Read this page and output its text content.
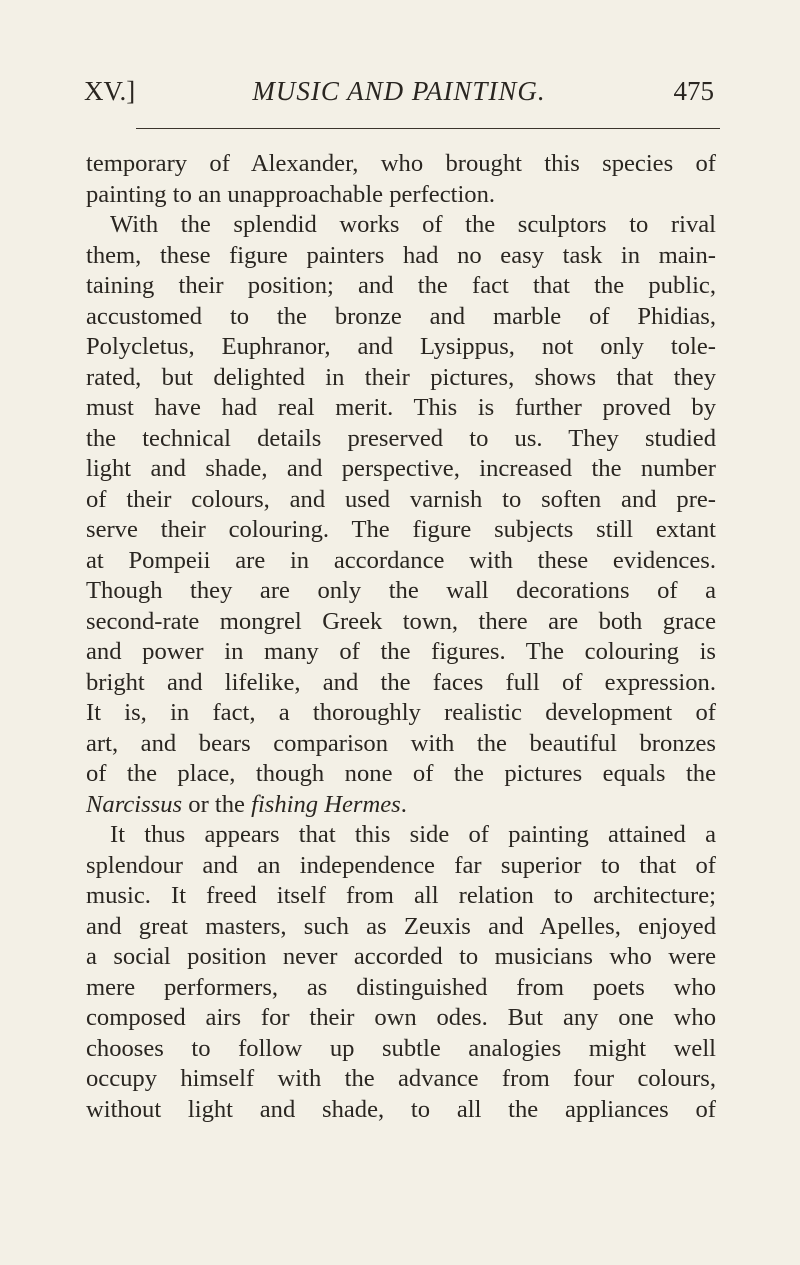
XV.]	MUSIC AND PAINTING.	475
temporary of Alexander, who brought this species of
painting to an unapproachable perfection.
With the splendid works of the sculptors to rival
them, these figure painters had no easy task in main-
taining their position; and the fact that the public,
accustomed to the bronze and marble of Phidias,
Polycletus, Euphranor, and Lysippus, not only tole-
rated, but delighted in their pictures, shows that they
must have had real merit. This is further proved by
the technical details preserved to us. They studied
light and shade, and perspective, increased the number
of their colours, and used varnish to soften and pre-
serve their colouring. The figure subjects still extant
at Pompeii are in accordance with these evidences.
Though they are only the wall decorations of a
second-rate mongrel Greek town, there are both grace
and power in many of the figures. The colouring is
bright and lifelike, and the faces full of expression.
It is, in fact, a thoroughly realistic development of
art, and bears comparison with the beautiful bronzes
of the place, though none of the pictures equals the
Narcissus or the fishing Hermes.
It thus appears that this side of painting attained a
splendour and an independence far superior to that of
music. It freed itself from all relation to architecture;
and great masters, such as Zeuxis and Apelles, enjoyed
a social position never accorded to musicians who were
mere performers, as distinguished from poets who
composed airs for their own odes. But any one who
chooses to follow up subtle analogies might well
occupy himself with the advance from four colours,
without light and shade, to all the appliances of
